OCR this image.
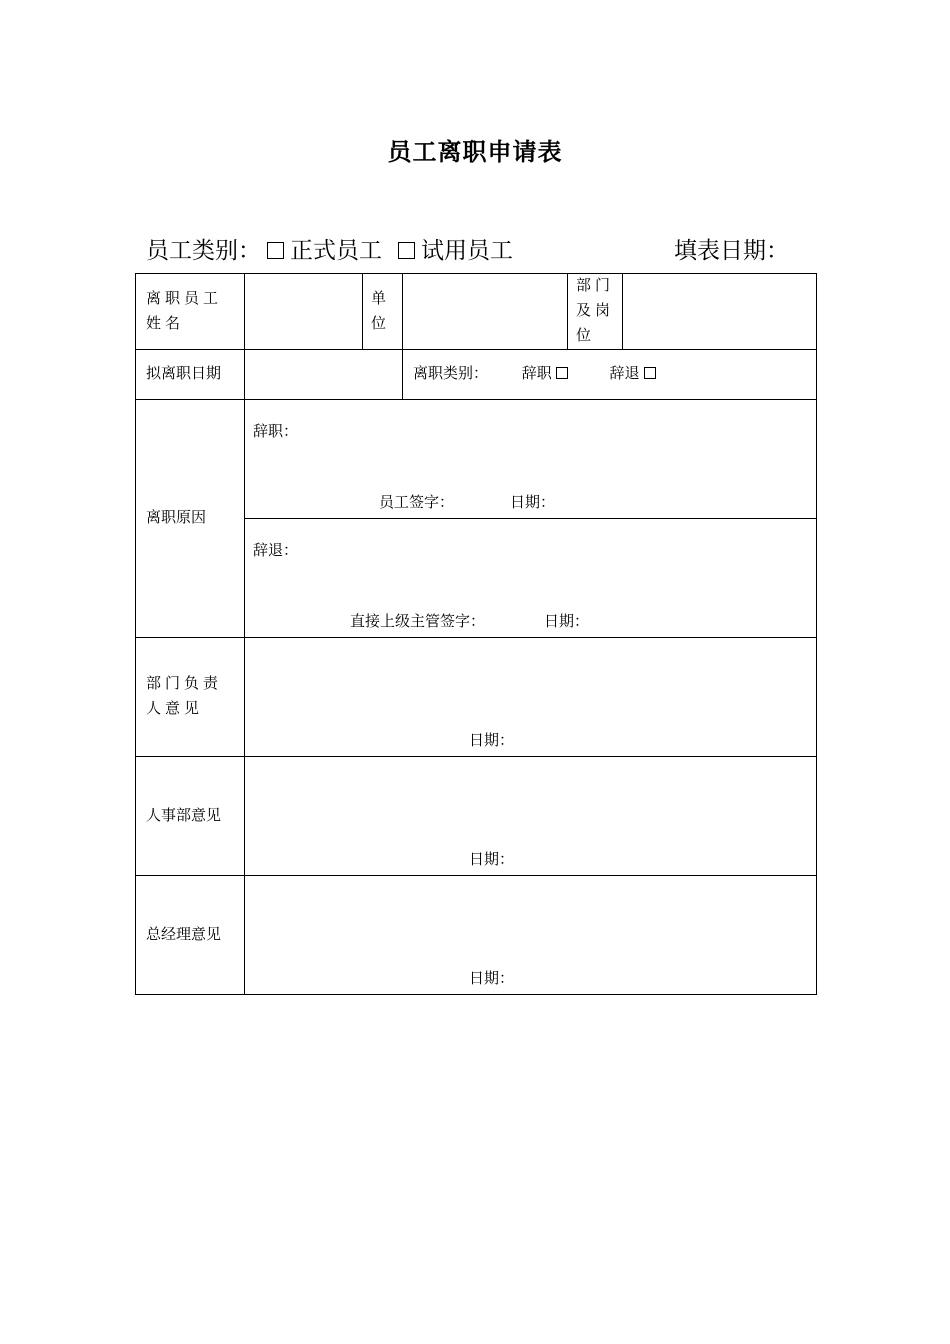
员工离职申请表
员工类别： 正式员工 试用员工	填表日期：
离职员工姓名		单位		部门及岗位	
拟离职日期			离职类别： 辞职 辞退		
离职原因	辞职：
员工签字： 日期：				

	辞退：
直接上级主管签字： 日期：				

部门负责人意见	日期：				

人事部意见	日期：				

总经理意见	日期：				
